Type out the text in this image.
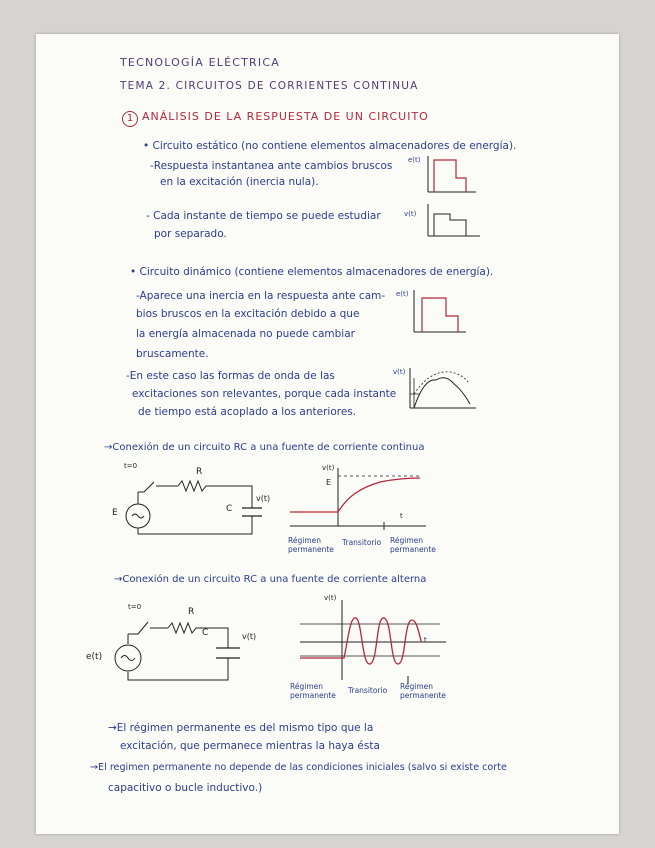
TECNOLOGÍA ELÉCTRICA
TEMA 2. CIRCUITOS DE CORRIENTES CONTINUA
1 ANÁLISIS DE LA RESPUESTA DE UN CIRCUITO
• Circuito estático (no contiene elementos almacenadores de energía).
-Respuesta instantanea ante cambios bruscos
en la excitación (inercia nula).
e(t)
- Cada instante de tiempo se puede estudiar
por separado.
v(t)
• Circuito dinámico (contiene elementos almacenadores de energía).
-Aparece una inercia en la respuesta ante cam-
bios bruscos en la excitación debido a que
la energía almacenada no puede cambiar
bruscamente.
e(t)
-En este caso las formas de onda de las
excitaciones son relevantes, porque cada instante
de tiempo está acoplado a los anteriores.
v(t)
→Conexión de un circuito RC a una fuente de corriente continua
t=0
R
C
v(t)
E
v(t)
E
t
Régimen permanente
Transitorio Régimen permanente
→Conexión de un circuito RC a una fuente de corriente alterna
t=0	R
C	v(t)
e(t)
v(t)
t
Régimen permanente
Transitorio Régimen permanente
→El régimen permanente es del mismo tipo que la
excitación, que permanece mientras la haya ésta
→El regimen permanente no depende de las condiciones iniciales (salvo si existe corte
capacitivo o bucle inductivo.)
